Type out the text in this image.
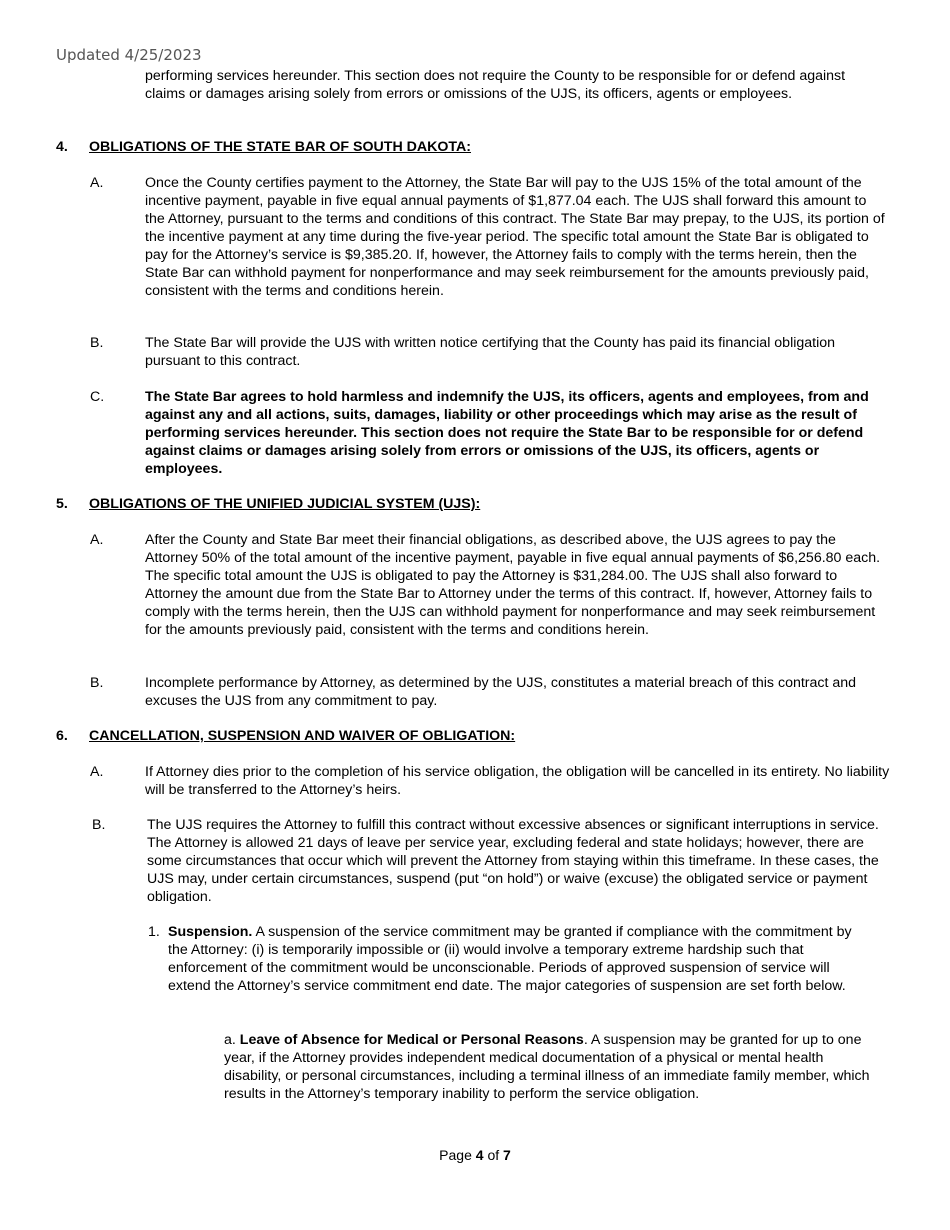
Updated 4/25/2023

performing services hereunder. This section does not require the County to be responsible for or defend against claims or damages arising solely from errors or omissions of the UJS, its officers, agents or employees.

4. OBLIGATIONS OF THE STATE BAR OF SOUTH DAKOTA:
A.	Once the County certifies payment to the Attorney, the State Bar will pay to the UJS 15% of the total amount of the incentive payment, payable in five equal annual payments of $1,877.04 each. The UJS shall forward this amount to the Attorney, pursuant to the terms and conditions of this contract. The State Bar may prepay, to the UJS, its portion of the incentive payment at any time during the five-year period. The specific total amount the State Bar is obligated to pay for the Attorney’s service is $9,385.20. If, however, the Attorney fails to comply with the terms herein, then the State Bar can withhold payment for nonperformance and may seek reimbursement for the amounts previously paid, consistent with the terms and conditions herein.

B.	The State Bar will provide the UJS with written notice certifying that the County has paid its financial obligation pursuant to this contract.

C.	The State Bar agrees to hold harmless and indemnify the UJS, its officers, agents and employees, from and against any and all actions, suits, damages, liability or other proceedings which may arise as the result of performing services hereunder. This section does not require the State Bar to be responsible for or defend against claims or damages arising solely from errors or omissions of the UJS, its officers, agents or employees.

5. OBLIGATIONS OF THE UNIFIED JUDICIAL SYSTEM (UJS):
A.	After the County and State Bar meet their financial obligations, as described above, the UJS agrees to pay the Attorney 50% of the total amount of the incentive payment, payable in five equal annual payments of $6,256.80 each. The specific total amount the UJS is obligated to pay the Attorney is $31,284.00. The UJS shall also forward to Attorney the amount due from the State Bar to Attorney under the terms of this contract. If, however, Attorney fails to comply with the terms herein, then the UJS can withhold payment for nonperformance and may seek reimbursement for the amounts previously paid, consistent with the terms and conditions herein.

B.	Incomplete performance by Attorney, as determined by the UJS, constitutes a material breach of this contract and excuses the UJS from any commitment to pay.

6. CANCELLATION, SUSPENSION AND WAIVER OF OBLIGATION:
A.	If Attorney dies prior to the completion of his service obligation, the obligation will be cancelled in its entirety. No liability will be transferred to the Attorney’s heirs.

B.	The UJS requires the Attorney to fulfill this contract without excessive absences or significant interruptions in service. The Attorney is allowed 21 days of leave per service year, excluding federal and state holidays; however, there are some circumstances that occur which will prevent the Attorney from staying within this timeframe. In these cases, the UJS may, under certain circumstances, suspend (put “on hold”) or waive (excuse) the obligated service or payment obligation.

1. Suspension. A suspension of the service commitment may be granted if compliance with the commitment by the Attorney: (i) is temporarily impossible or (ii) would involve a temporary extreme hardship such that enforcement of the commitment would be unconscionable. Periods of approved suspension of service will extend the Attorney’s service commitment end date. The major categories of suspension are set forth below.

a. Leave of Absence for Medical or Personal Reasons. A suspension may be granted for up to one year, if the Attorney provides independent medical documentation of a physical or mental health disability, or personal circumstances, including a terminal illness of an immediate family member, which results in the Attorney’s temporary inability to perform the service obligation.

Page 4 of 7
